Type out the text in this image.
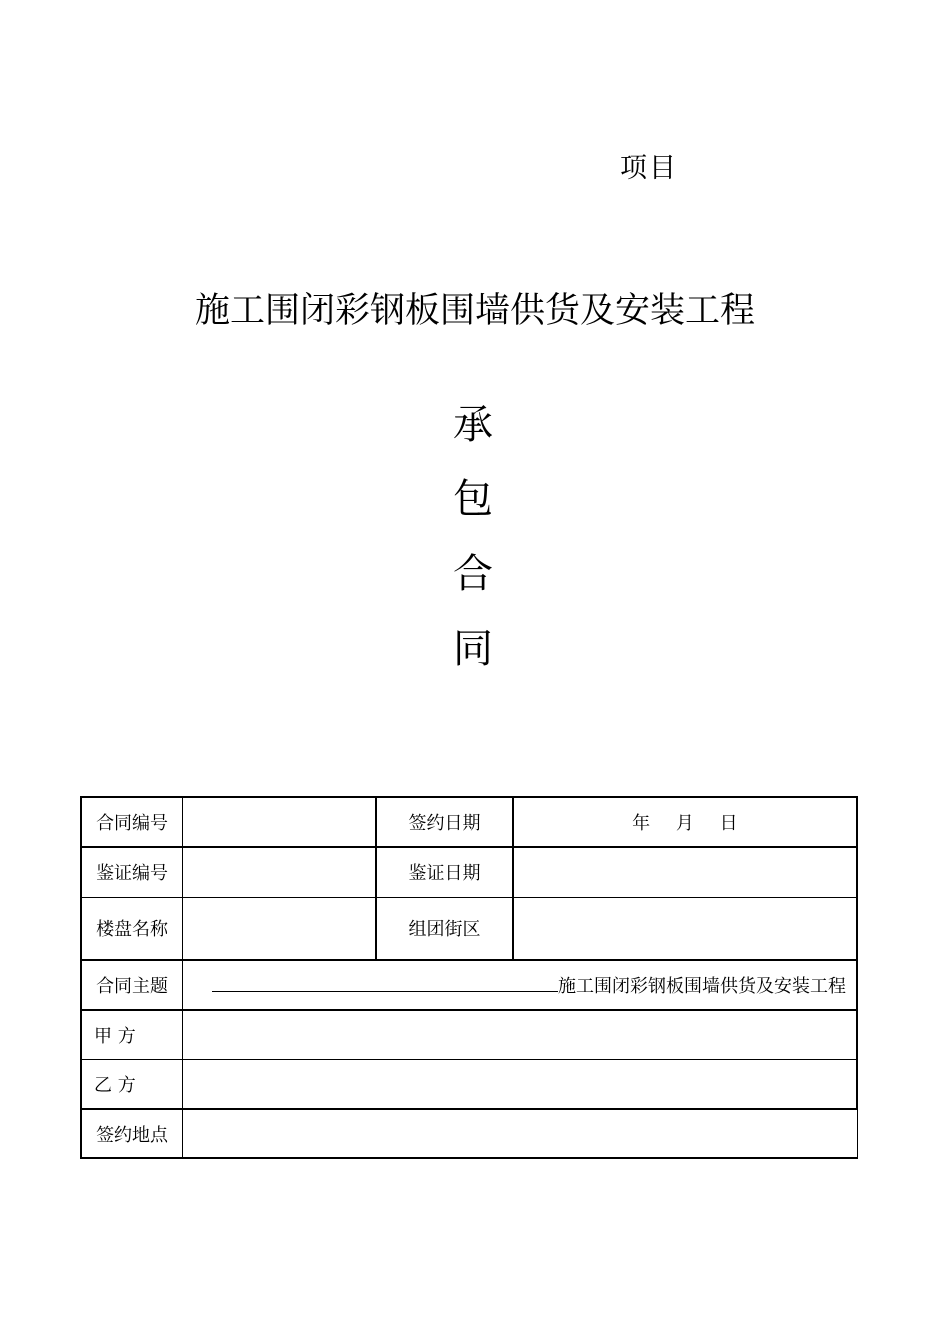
项目
施工围闭彩钢板围墙供货及安装工程
承
包
合
同
合同编号		签约日期	年 月 日
鉴证编号		鉴证日期	
楼盘名称		组团街区	
合同主题	施工围闭彩钢板围墙供货及安装工程		
甲 方			
乙 方			
签约地点			
